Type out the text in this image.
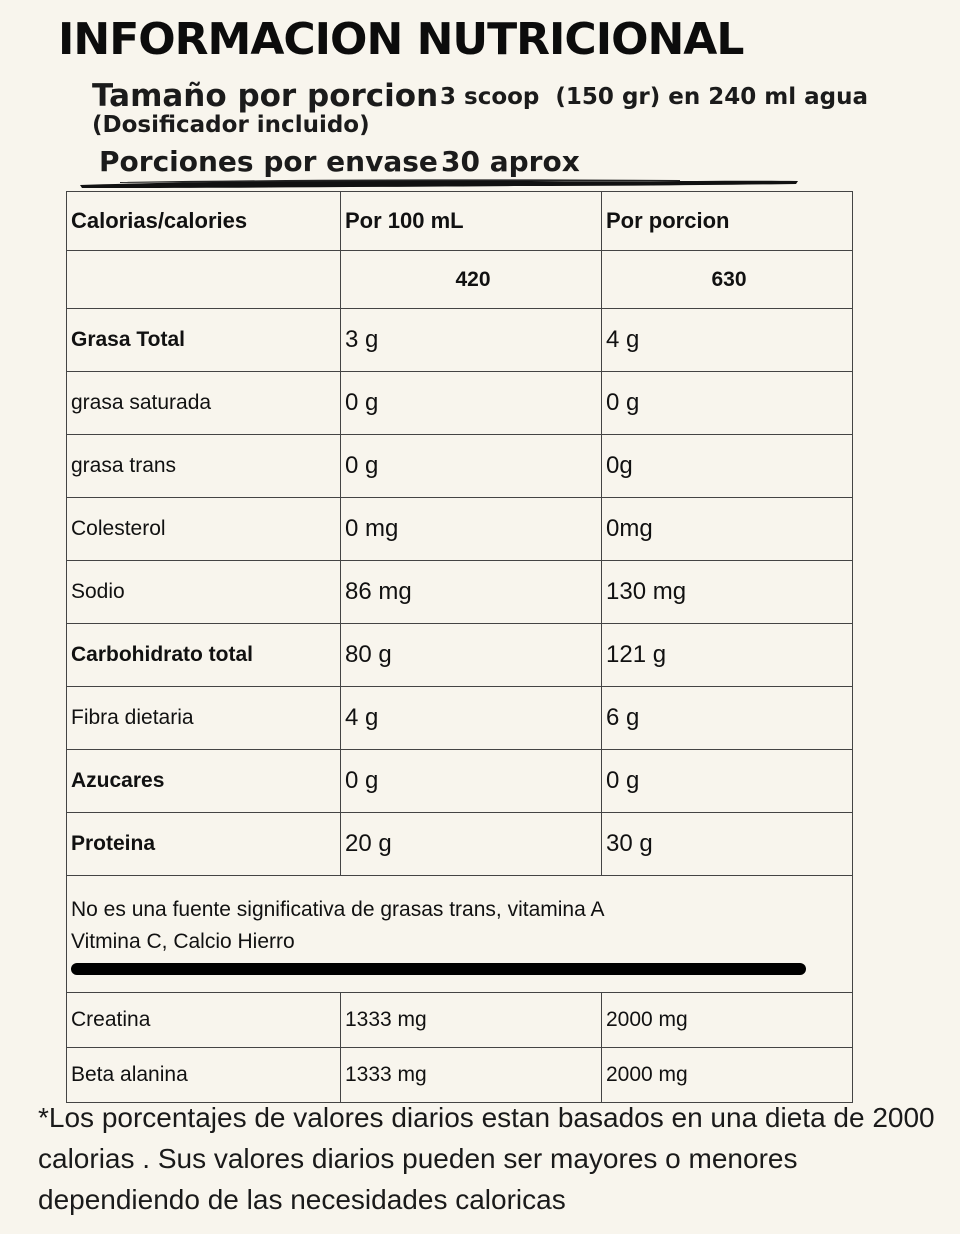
INFORMACION NUTRICIONAL
Tamaño por porcion 3 scoop  (150 gr) en 240 ml agua
(Dosificador incluido)
Porciones por envase 30 aprox
Calorias/calories	Por 100 mL	Por porcion
	420	630
Grasa Total	3 g	4 g
grasa saturada	0 g	0 g
grasa trans	0 g	0g
Colesterol	0 mg	0mg
Sodio	86 mg	130 mg
Carbohidrato total	80 g	121 g
Fibra dietaria	4 g	6 g
Azucares	0 g	0 g
Proteina	20 g	30 g

No es una fuente significativa de grasas trans, vitamina A
Vitmina C, Calcio Hierro		

Creatina	1333 mg	2000 mg
Beta alanina	1333 mg	2000 mg
*Los porcentajes de valores diarios estan basados en una dieta de 2000 calorias . Sus valores diarios pueden ser mayores o menores dependiendo de las necesidades caloricas
